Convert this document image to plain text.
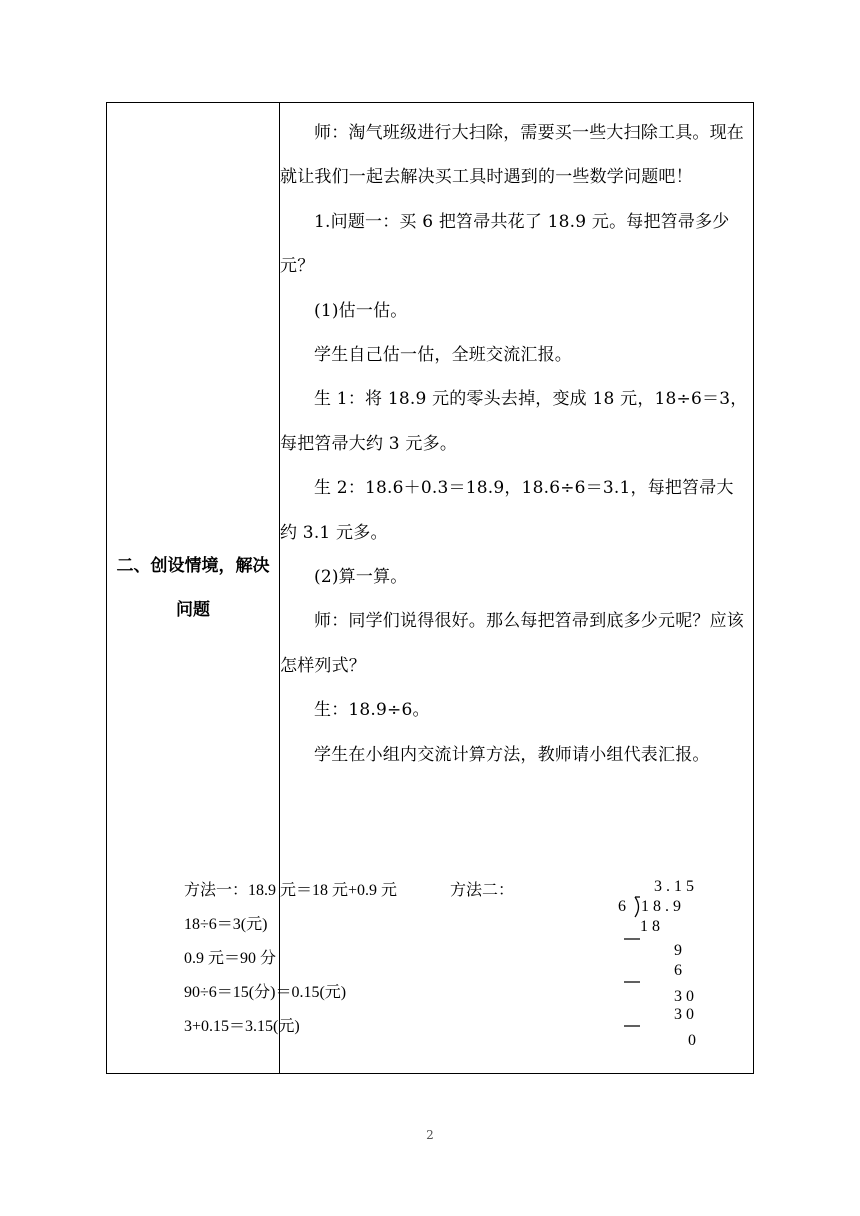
二、创设情境，解决问题

师：淘气班级进行大扫除，需要买一些大扫除工具。现在就让我们一起去解决买工具时遇到的一些数学问题吧！

1.问题一：买 6 把笤帚共花了 18.9 元。每把笤帚多少元？

(1)估一估。

学生自己估一估，全班交流汇报。

生 1：将 18.9 元的零头去掉，变成 18 元，18÷6＝3，每把笤帚大约 3 元多。

生 2：18.6＋0.3＝18.9，18.6÷6＝3.1，每把笤帚大约 3.1 元多。

(2)算一算。

师：同学们说得很好。那么每把笤帚到底多少元呢？应该怎样列式？

生：18.9÷6。

学生在小组内交流计算方法，教师请小组代表汇报。

方法一：18.9 元＝18 元+0.9 元
18÷6＝3(元)
0.9 元＝90 分
90÷6＝15(分)＝0.15(元)
3+0.15＝3.15(元)
方法二：	3.15
6 18.9
18
9
6
30
30
0
2
